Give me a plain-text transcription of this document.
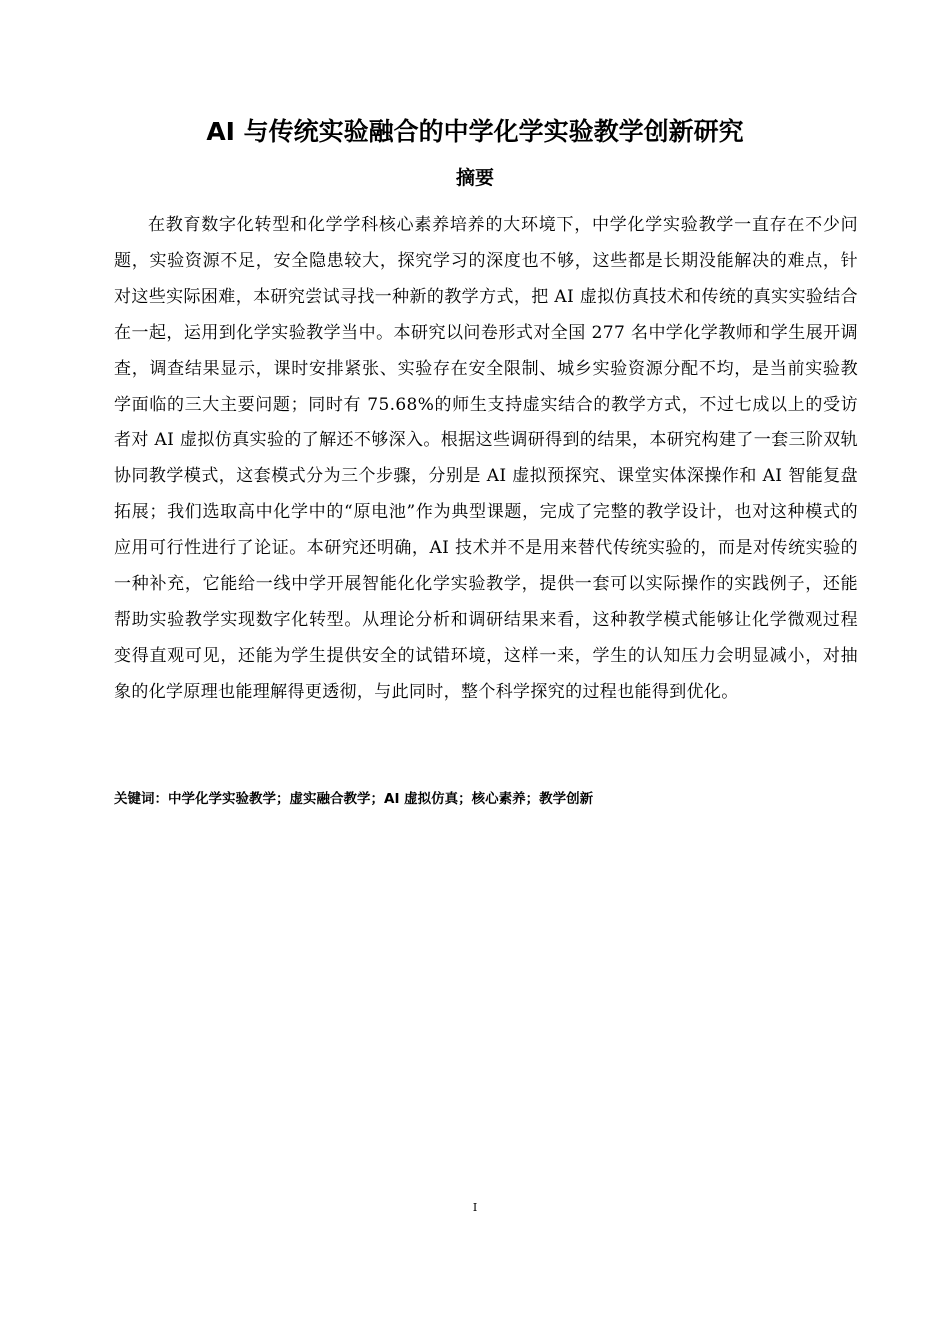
AI 与传统实验融合的中学化学实验教学创新研究
摘要

在教育数字化转型和化学学科核心素养培养的大环境下，中学化学实验教学一直存在不少问题，实验资源不足，安全隐患较大，探究学习的深度也不够，这些都是长期没能解决的难点，针对这些实际困难，本研究尝试寻找一种新的教学方式，把 AI 虚拟仿真技术和传统的真实实验结合在一起，运用到化学实验教学当中。本研究以问卷形式对全国 277 名中学化学教师和学生展开调查，调查结果显示，课时安排紧张、实验存在安全限制、城乡实验资源分配不均，是当前实验教学面临的三大主要问题；同时有 75.68%的师生支持虚实结合的教学方式，不过七成以上的受访者对 AI 虚拟仿真实验的了解还不够深入。根据这些调研得到的结果，本研究构建了一套三阶双轨协同教学模式，这套模式分为三个步骤，分别是 AI 虚拟预探究、课堂实体深操作和 AI 智能复盘拓展；我们选取高中化学中的“原电池”作为典型课题，完成了完整的教学设计，也对这种模式的应用可行性进行了论证。本研究还明确，AI 技术并不是用来替代传统实验的，而是对传统实验的一种补充，它能给一线中学开展智能化化学实验教学，提供一套可以实际操作的实践例子，还能帮助实验教学实现数字化转型。从理论分析和调研结果来看，这种教学模式能够让化学微观过程变得直观可见，还能为学生提供安全的试错环境，这样一来，学生的认知压力会明显减小，对抽象的化学原理也能理解得更透彻，与此同时，整个科学探究的过程也能得到优化。

关键词：中学化学实验教学；虚实融合教学；AI 虚拟仿真；核心素养；教学创新

I
